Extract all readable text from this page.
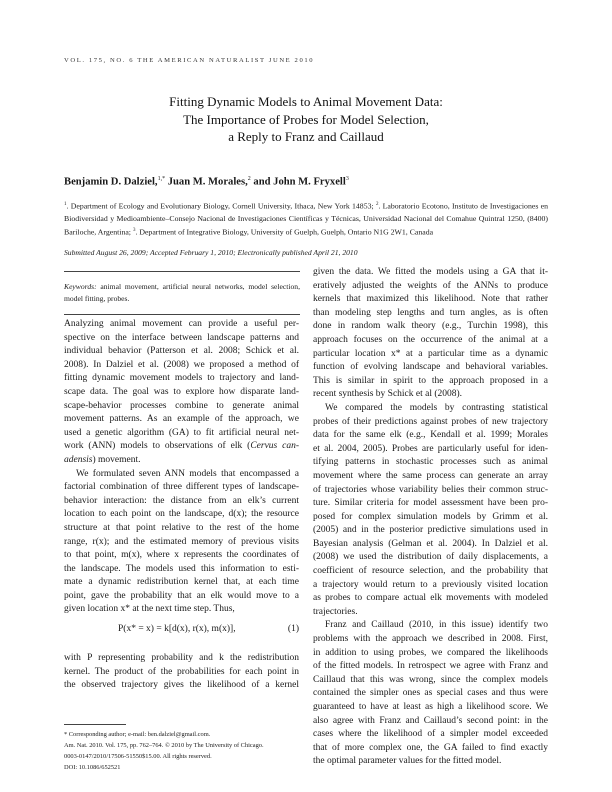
VOL. 175, NO. 6 THE AMERICAN NATURALIST JUNE 2010
Fitting Dynamic Models to Animal Movement Data:
The Importance of Probes for Model Selection,
a Reply to Franz and Caillaud
Benjamin D. Dalziel,$^{1,*}$ Juan M. Morales,$^2$ and John M. Fryxell$^3$
$^1$. Department of Ecology and Evolutionary Biology, Cornell University, Ithaca, New York 14853; $^2$. Laboratorio Ecotono, Instituto de Investigaciones en Biodiversidad y Medioambiente–Consejo Nacional de Investigaciones Científicas y Técnicas, Universidad Nacional del Comahue Quintral 1250, (8400) Bariloche, Argentina; $^3$. Department of Integrative Biology, University of Guelph, Guelph, Ontario N1G 2W1, Canada
Submitted August 26, 2009; Accepted February 1, 2010; Electronically published April 21, 2010
Keywords: animal movement, artificial neural networks, model selection, model fitting, probes.
Analyzing animal movement can provide a useful per-
spective on the interface between landscape patterns and
individual behavior (Patterson et al. 2008; Schick et al.
2008). In Dalziel et al. (2008) we proposed a method of
fitting dynamic movement models to trajectory and land-
scape data. The goal was to explore how disparate land-
scape-behavior processes combine to generate animal
movement patterns. As an example of the approach, we
used a genetic algorithm (GA) to fit artificial neural net-
work (ANN) models to observations of elk (Cervus can-
adensis) movement.
We formulated seven ANN models that encompassed a
factorial combination of three different types of landscape-
behavior interaction: the distance from an elk’s current
location to each point on the landscape, d(x); the resource
structure at that point relative to the rest of the home
range, r(x); and the estimated memory of previous visits
to that point, m(x), where x represents the coordinates of
the landscape. The models used this information to esti-
mate a dynamic redistribution kernel that, at each time
point, gave the probability that an elk would move to a
given location x* at the next time step. Thus,
P(x* = x) = k[d(x), r(x), m(x)],	(1)
with P representing probability and k the redistribution
kernel. The product of the probabilities for each point in
the observed trajectory gives the likelihood of a kernel
* Corresponding author; e-mail: ben.dalziel@gmail.com.
Am. Nat. 2010. Vol. 175, pp. 762–764. © 2010 by The University of Chicago.
0003-0147/2010/17506-51550$15.00. All rights reserved.
DOI: 10.1086/652521
given the data. We fitted the models using a GA that it-
eratively adjusted the weights of the ANNs to produce
kernels that maximized this likelihood. Note that rather
than modeling step lengths and turn angles, as is often
done in random walk theory (e.g., Turchin 1998), this
approach focuses on the occurrence of the animal at a
particular location x* at a particular time as a dynamic
function of evolving landscape and behavioral variables.
This is similar in spirit to the approach proposed in a
recent synthesis by Schick et al (2008).
We compared the models by contrasting statistical
probes of their predictions against probes of new trajectory
data for the same elk (e.g., Kendall et al. 1999; Morales
et al. 2004, 2005). Probes are particularly useful for iden-
tifying patterns in stochastic processes such as animal
movement where the same process can generate an array
of trajectories whose variability belies their common struc-
ture. Similar criteria for model assessment have been pro-
posed for complex simulation models by Grimm et al.
(2005) and in the posterior predictive simulations used in
Bayesian analysis (Gelman et al. 2004). In Dalziel et al.
(2008) we used the distribution of daily displacements, a
coefficient of resource selection, and the probability that
a trajectory would return to a previously visited location
as probes to compare actual elk movements with modeled
trajectories.
Franz and Caillaud (2010, in this issue) identify two
problems with the approach we described in 2008. First,
in addition to using probes, we compared the likelihoods
of the fitted models. In retrospect we agree with Franz and
Caillaud that this was wrong, since the complex models
contained the simpler ones as special cases and thus were
guaranteed to have at least as high a likelihood score. We
also agree with Franz and Caillaud’s second point: in the
cases where the likelihood of a simpler model exceeded
that of more complex one, the GA failed to find exactly
the optimal parameter values for the fitted model.
